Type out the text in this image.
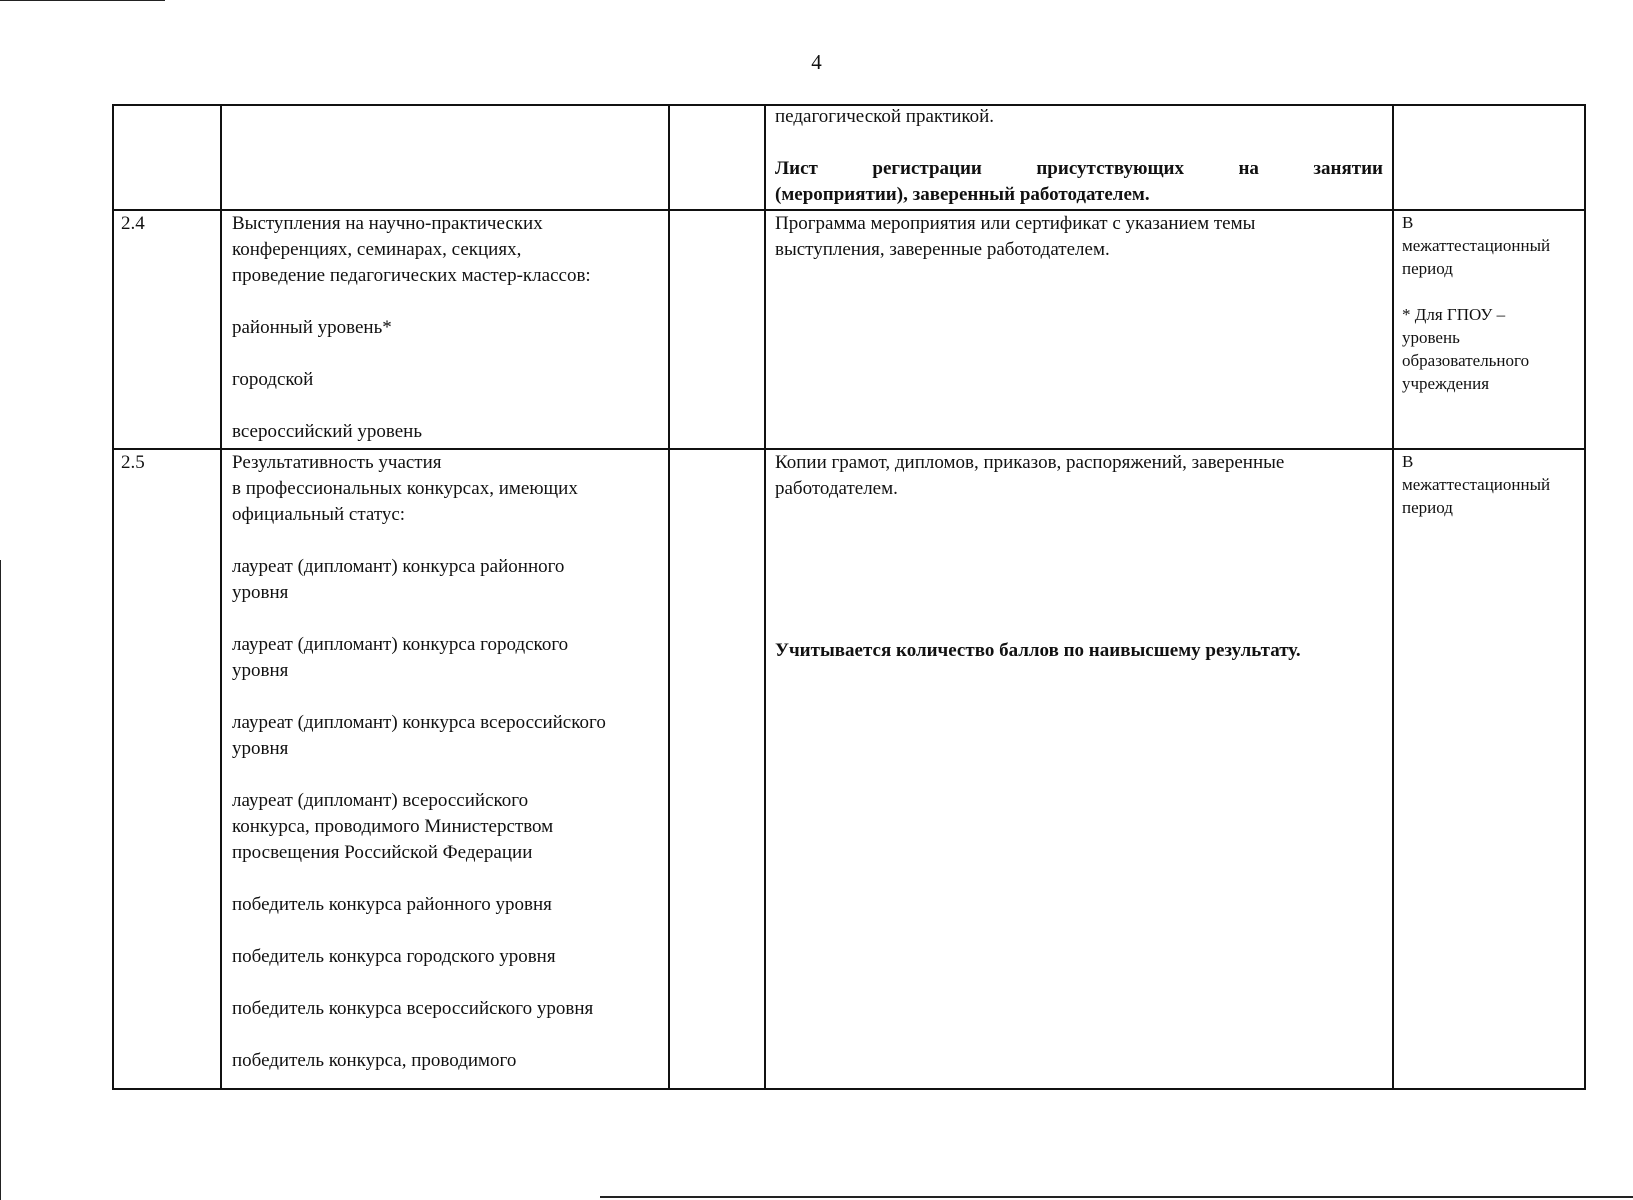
4

педагогической практикой.

Лист регистрации присутствующих на занятии

(мероприятии), заверенный работодателем.

2.4	Выступления на научно-практических

конференциях, семинарах, секциях,

проведение педагогических мастер-классов:

районный уровень*

городской

всероссийский уровень

Программа мероприятия или сертификат с указанием темы

выступления, заверенные работодателем.

В

межаттестационный

период

* Для ГПОУ –

уровень

образовательного

учреждения

2.5	Результативность участия

в профессиональных конкурсах, имеющих

официальный статус:

лауреат (дипломант) конкурса районного

уровня

лауреат (дипломант) конкурса городского

уровня

лауреат (дипломант) конкурса всероссийского

уровня

лауреат (дипломант) всероссийского

конкурса, проводимого Министерством

просвещения Российской Федерации

победитель конкурса районного уровня

победитель конкурса городского уровня

победитель конкурса всероссийского уровня

победитель конкурса, проводимого

Копии грамот, дипломов, приказов, распоряжений, заверенные

работодателем.

Учитывается количество баллов по наивысшему результату.

В

межаттестационный

период
